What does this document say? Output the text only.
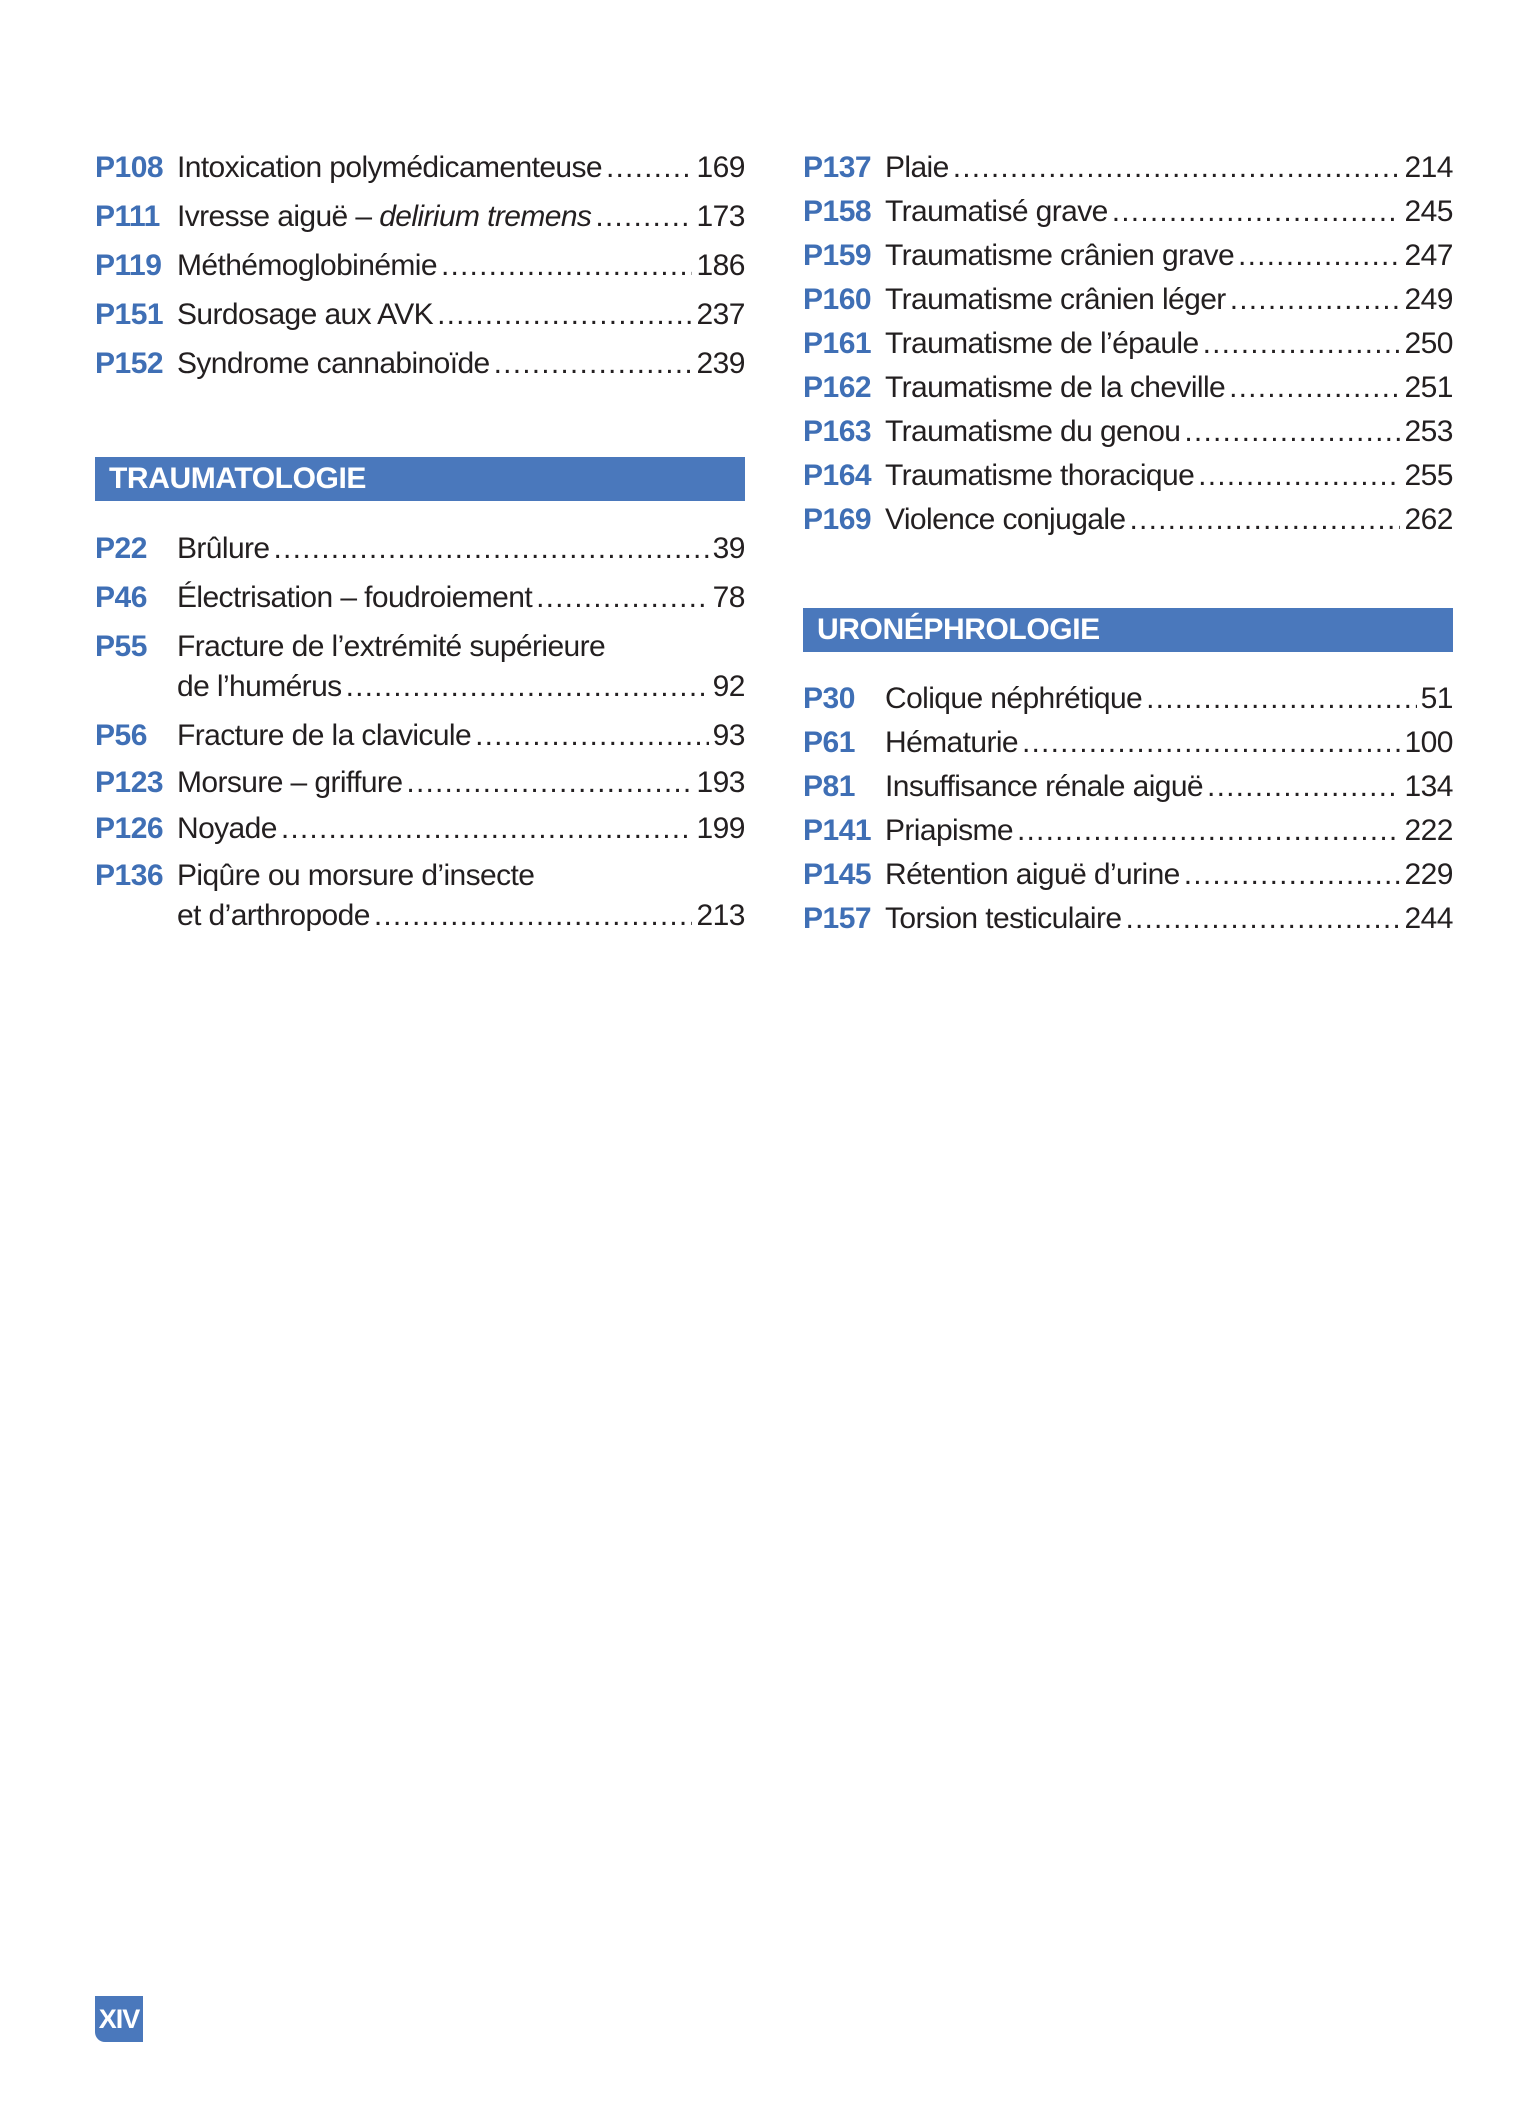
P108 Intoxication polymédicamenteuse .....	169
P111 Ivresse aiguë – delirium tremens .....	173
P119 Méthémoglobinémie .....	186
P151 Surdosage aux AVK .....	237
P152 Syndrome cannabinoïde .....	239
TRAUMATOLOGIE
P22	Brûlure .....	39
P46	Électrisation – foudroiement .....	78
P55	Fracture de l’extrémité supérieure
de l’humérus .....	92
P56	Fracture de la clavicule .....	93
P123 Morsure – griffure .....	193
P126 Noyade .....	199
P136 Piqûre ou morsure d’insecte
et d’arthropode .....	213
P137 Plaie .....	214
P158 Traumatisé grave .....	245
P159 Traumatisme crânien grave .....	247
P160 Traumatisme crânien léger .....	249
P161 Traumatisme de l’épaule .....	250
P162 Traumatisme de la cheville .....	251
P163 Traumatisme du genou .....	253
P164 Traumatisme thoracique .....	255
P169 Violence conjugale .....	262
URONÉPHROLOGIE
P30	Colique néphrétique .....	51
P61	Hématurie .....	100
P81	Insuffisance rénale aiguë .....	134
P141 Priapisme .....	222
P145 Rétention aiguë d’urine .....	229
P157 Torsion testiculaire .....	244
XIV
